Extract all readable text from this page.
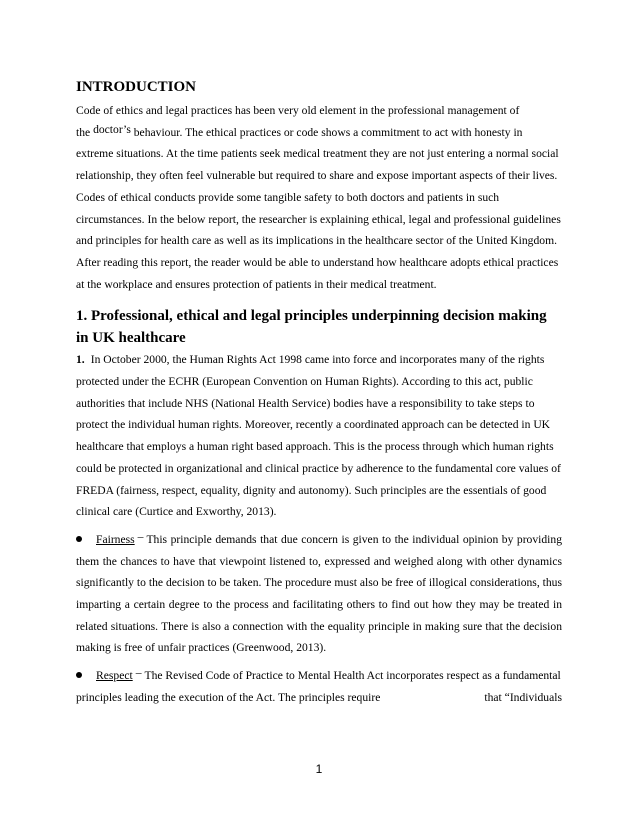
INTRODUCTION

Code of ethics and legal practices has been very old element in the professional management of
the doctor’s behaviour. The ethical practices or code shows a commitment to act with honesty in extreme situations. At the time patients seek medical treatment they are not just entering a normal social relationship, they often feel vulnerable but required to share and expose important aspects of their lives. Codes of ethical conducts provide some tangible safety to both doctors and patients in such circumstances. In the below report, the researcher is explaining ethical, legal and professional guidelines and principles for health care as well as its implications in the healthcare sector of the United Kingdom. After reading this report, the reader would be able to understand how healthcare adopts ethical practices at the workplace and ensures protection of patients in their medical treatment.

1. Professional, ethical and legal principles underpinning decision making in UK healthcare

1. In October 2000, the Human Rights Act 1998 came into force and incorporates many of the rights protected under the ECHR (European Convention on Human Rights). According to this act, public authorities that include NHS (National Health Service) bodies have a responsibility to take steps to protect the individual human rights. Moreover, recently a coordinated approach can be detected in UK healthcare that employs a human right based approach. This is the process through which human rights could be protected in organizational and clinical practice by adherence to the fundamental core values of FREDA (fairness, respect, equality, dignity and autonomy). Such principles are the essentials of good clinical care (Curtice and Exworthy, 2013).

Fairness – This principle demands that due concern is given to the individual opinion by providing them the chances to have that viewpoint listened to, expressed and weighed along with other dynamics significantly to the decision to be taken. The procedure must also be free of illogical considerations, thus imparting a certain degree to the process and facilitating others to find out how they may be treated in related situations. There is also a connection with the equality principle in making sure that the decision making is free of unfair practices (Greenwood, 2013).

Respect – The Revised Code of Practice to Mental Health Act incorporates respect as a fundamental principles leading the execution of the Act. The principles require	that “Individuals

1
